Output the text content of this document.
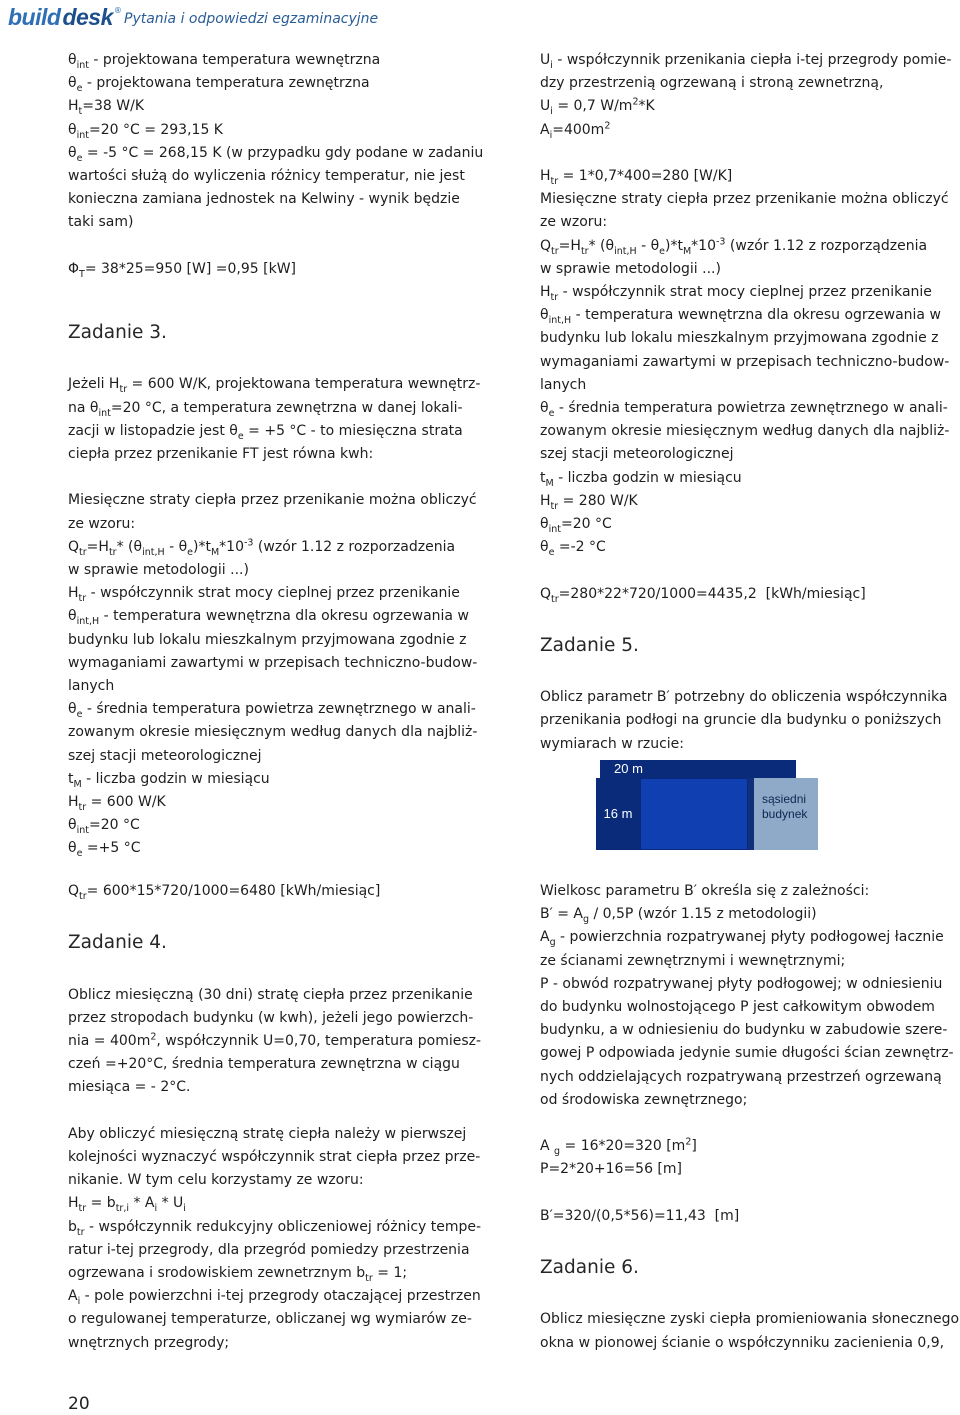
build desk ®
Pytania i odpowiedzi egzaminacyjne

$\theta_{int}$ - projektowana temperatura wewnętrzna

$\theta_e$ - projektowana temperatura zewnętrzna

$H_t=38$ W/K

$\theta_{int}=20$ °C = 293,15 K

$\theta_e = -5$ °C = 268,15 K (w przypadku gdy podane w zadaniu

wartości służą do wyliczenia różnicy temperatur, nie jest

konieczna zamiana jednostek na Kelwiny - wynik będzie

taki sam)

$\Phi_T= 38*25=950$ [W] =0,95 [kW]

Zadanie 3.

Jeżeli $H_{tr} = 600$ W/K, projektowana temperatura wewnętrz-

na $\theta_{int}=20$ °C, a temperatura zewnętrzna w danej lokali-

zacji w listopadzie jest $\theta_e = +5$ °C - to miesięczna strata

ciepła przez przenikanie FT jest równa kwh:

Miesięczne straty ciepła przez przenikanie można obliczyć

ze wzoru:

$Q_{tr}=H_{tr}*$ $(\theta_{int,H} - \theta_e)*t_M*10^{-3}$ (wzór 1.12 z rozporzadzenia

w sprawie metodologii ...)

$H_{tr}$ - współczynnik strat mocy cieplnej przez przenikanie

$\theta_{int,H}$ - temperatura wewnętrzna dla okresu ogrzewania w

budynku lub lokalu mieszkalnym przyjmowana zgodnie z

wymaganiami zawartymi w przepisach techniczno-budow-

lanych

$\theta_e$ - średnia temperatura powietrza zewnętrznego w anali-

zowanym okresie miesięcznym według danych dla najbliż-

szej stacji meteorologicznej

$t_M$ - liczba godzin w miesiącu

$H_{tr} = 600$ W/K

$\theta_{int}=20$ °C

$\theta_e =+5$ °C

$Q_{tr}= 600*15*720/1000=6480$ [kWh/miesiąc]

Zadanie 4.

Oblicz miesięczną (30 dni) stratę ciepła przez przenikanie

przez stropodach budynku (w kwh), jeżeli jego powierzch-

nia = $400m^2$, współczynnik U=0,70, temperatura pomiesz-

czeń =+20°C, średnia temperatura zewnętrzna w ciągu

miesiąca = - 2°C.

Aby obliczyć miesięczną stratę ciepła należy w pierwszej

kolejności wyznaczyć współczynnik strat ciepła przez prze-

nikanie. W tym celu korzystamy ze wzoru:

$H_{tr} = b_{tr,i} * A_i * U_i$

$b_{tr}$ - współczynnik redukcyjny obliczeniowej różnicy tempe-

ratur i-tej przegrody, dla przegród pomiedzy przestrzenia

ogrzewana i srodowiskiem zewnetrznym $b_{tr} = 1$;

$A_i$ - pole powierzchni i-tej przegrody otaczającej przestrzen

o regulowanej temperaturze, obliczanej wg wymiarów ze-

wnętrznych przegrody;

$U_i$ - współczynnik przenikania ciepła i-tej przegrody pomie-

dzy przestrzenią ogrzewaną i stroną zewnetrzną,

$U_i = 0,7$ $W/m^2*K$

$A_i=400m^2$

$H_{tr} = 1*0,7*400=280$ [W/K]

Miesięczne straty ciepła przez przenikanie można obliczyć

ze wzoru:

$Q_{tr}=H_{tr}*$ $(\theta_{int,H} - \theta_e)*t_M*10^{-3}$ (wzór 1.12 z rozporządzenia

w sprawie metodologii ...)

$H_{tr}$ - współczynnik strat mocy cieplnej przez przenikanie

$\theta_{int,H}$ - temperatura wewnętrzna dla okresu ogrzewania w

budynku lub lokalu mieszkalnym przyjmowana zgodnie z

wymaganiami zawartymi w przepisach techniczno-budow-

lanych

$\theta_e$ - średnia temperatura powietrza zewnętrznego w anali-

zowanym okresie miesięcznym według danych dla najbliż-

szej stacji meteorologicznej

$t_M$ - liczba godzin w miesiącu

$H_{tr} = 280$ W/K

$\theta_{int}=20$ °C

$\theta_e =-2$ °C

$Q_{tr}=280*22*720/1000=4435,2$  [kWh/miesiąc]

Zadanie 5.

Oblicz parametr B′ potrzebny do obliczenia współczynnika

przenikania podłogi na gruncie dla budynku o poniższych

wymiarach w rzucie:

20 m
16 m
sąsiedni
budynek

Wielkosc parametru B′ określa się z zależności:

$B' = A_g / 0,5P$ (wzór 1.15 z metodologii)

$A_g$ - powierzchnia rozpatrywanej płyty podłogowej łacznie

ze ścianami zewnętrznymi i wewnętrznymi;

P - obwód rozpatrywanej płyty podłogowej; w odniesieniu

do budynku wolnostojącego P jest całkowitym obwodem

budynku, a w odniesieniu do budynku w zabudowie szere-

gowej P odpowiada jedynie sumie długości ścian zewnętrz-

nych oddzielających rozpatrywaną przestrzeń ogrzewaną

od środowiska zewnętrznego;

A $_g$ = 16*20=320 $[m^2]$

P=2*20+16=56 [m]

B′=320/(0,5*56)=11,43  [m]

Zadanie 6.

Oblicz miesięczne zyski ciepła promieniowania słonecznego

okna w pionowej ścianie o współczynniku zacienienia 0,9,

20
